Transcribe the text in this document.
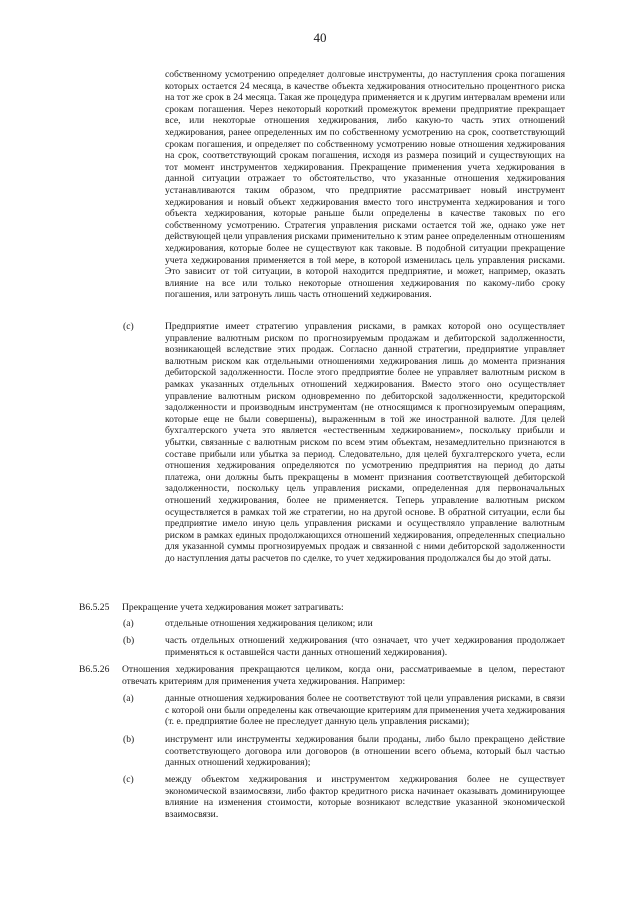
40

собственному усмотрению определяет долговые инструменты, до наступления срока погашения которых остается 24 месяца, в качестве объекта хеджирования относительно процентного риска на тот же срок в 24 месяца. Такая же процедура применяется и к другим интервалам времени или срокам погашения. Через некоторый короткий промежуток времени предприятие прекращает все, или некоторые отношения хеджирования, либо какую-то часть этих отношений хеджирования, ранее определенных им по собственному усмотрению на срок, соответствующий срокам погашения, и определяет по собственному усмотрению новые отношения хеджирования на срок, соответствующий срокам погашения, исходя из размера позиций и существующих на тот момент инструментов хеджирования. Прекращение применения учета хеджирования в данной ситуации отражает то обстоятельство, что указанные отношения хеджирования устанавливаются таким образом, что предприятие рассматривает новый инструмент хеджирования и новый объект хеджирования вместо того инструмента хеджирования и того объекта хеджирования, которые раньше были определены в качестве таковых по его собственному усмотрению. Стратегия управления рисками остается той же, однако уже нет действующей цели управления рисками применительно к этим ранее определенным отношениям хеджирования, которые более не существуют как таковые. В подобной ситуации прекращение учета хеджирования применяется в той мере, в которой изменилась цель управления рисками. Это зависит от той ситуации, в которой находится предприятие, и может, например, оказать влияние на все или только некоторые отношения хеджирования по какому-либо сроку погашения, или затронуть лишь часть отношений хеджирования.

(c)	Предприятие имеет стратегию управления рисками, в рамках которой оно осуществляет управление валютным риском по прогнозируемым продажам и дебиторской задолженности, возникающей вследствие этих продаж. Согласно данной стратегии, предприятие управляет валютным риском как отдельными отношениями хеджирования лишь до момента признания дебиторской задолженности. После этого предприятие более не управляет валютным риском в рамках указанных отдельных отношений хеджирования. Вместо этого оно осуществляет управление валютным риском одновременно по дебиторской задолженности, кредиторской задолженности и производным инструментам (не относящимся к прогнозируемым операциям, которые еще не были совершены), выраженным в той же иностранной валюте. Для целей бухгалтерского учета это является «естественным хеджированием», поскольку прибыли и убытки, связанные с валютным риском по всем этим объектам, незамедлительно признаются в составе прибыли или убытка за период. Следовательно, для целей бухгалтерского учета, если отношения хеджирования определяются по усмотрению предприятия на период до даты платежа, они должны быть прекращены в момент признания соответствующей дебиторской задолженности, поскольку цель управления рисками, определенная для первоначальных отношений хеджирования, более не применяется. Теперь управление валютным риском осуществляется в рамках той же стратегии, но на другой основе. В обратной ситуации, если бы предприятие имело иную цель управления рисками и осуществляло управление валютным риском в рамках единых продолжающихся отношений хеджирования, определенных специально для указанной суммы прогнозируемых продаж и связанной с ними дебиторской задолженности до наступления даты расчетов по сделке, то учет хеджирования продолжался бы до этой даты.

B6.5.25 Прекращение учета хеджирования может затрагивать:

(a)	отдельные отношения хеджирования целиком; или

(b)	часть отдельных отношений хеджирования (что означает, что учет хеджирования продолжает применяться к оставшейся части данных отношений хеджирования).

B6.5.26 Отношения хеджирования прекращаются целиком, когда они, рассматриваемые в целом, перестают отвечать критериям для применения учета хеджирования. Например:

(a)	данные отношения хеджирования более не соответствуют той цели управления рисками, в связи с которой они были определены как отвечающие критериям для применения учета хеджирования (т. е. предприятие более не преследует данную цель управления рисками);

(b)	инструмент или инструменты хеджирования были проданы, либо было прекращено действие соответствующего договора или договоров (в отношении всего объема, который был частью данных отношений хеджирования);

(c)	между объектом хеджирования и инструментом хеджирования более не существует экономической взаимосвязи, либо фактор кредитного риска начинает оказывать доминирующее влияние на изменения стоимости, которые возникают вследствие указанной экономической взаимосвязи.
